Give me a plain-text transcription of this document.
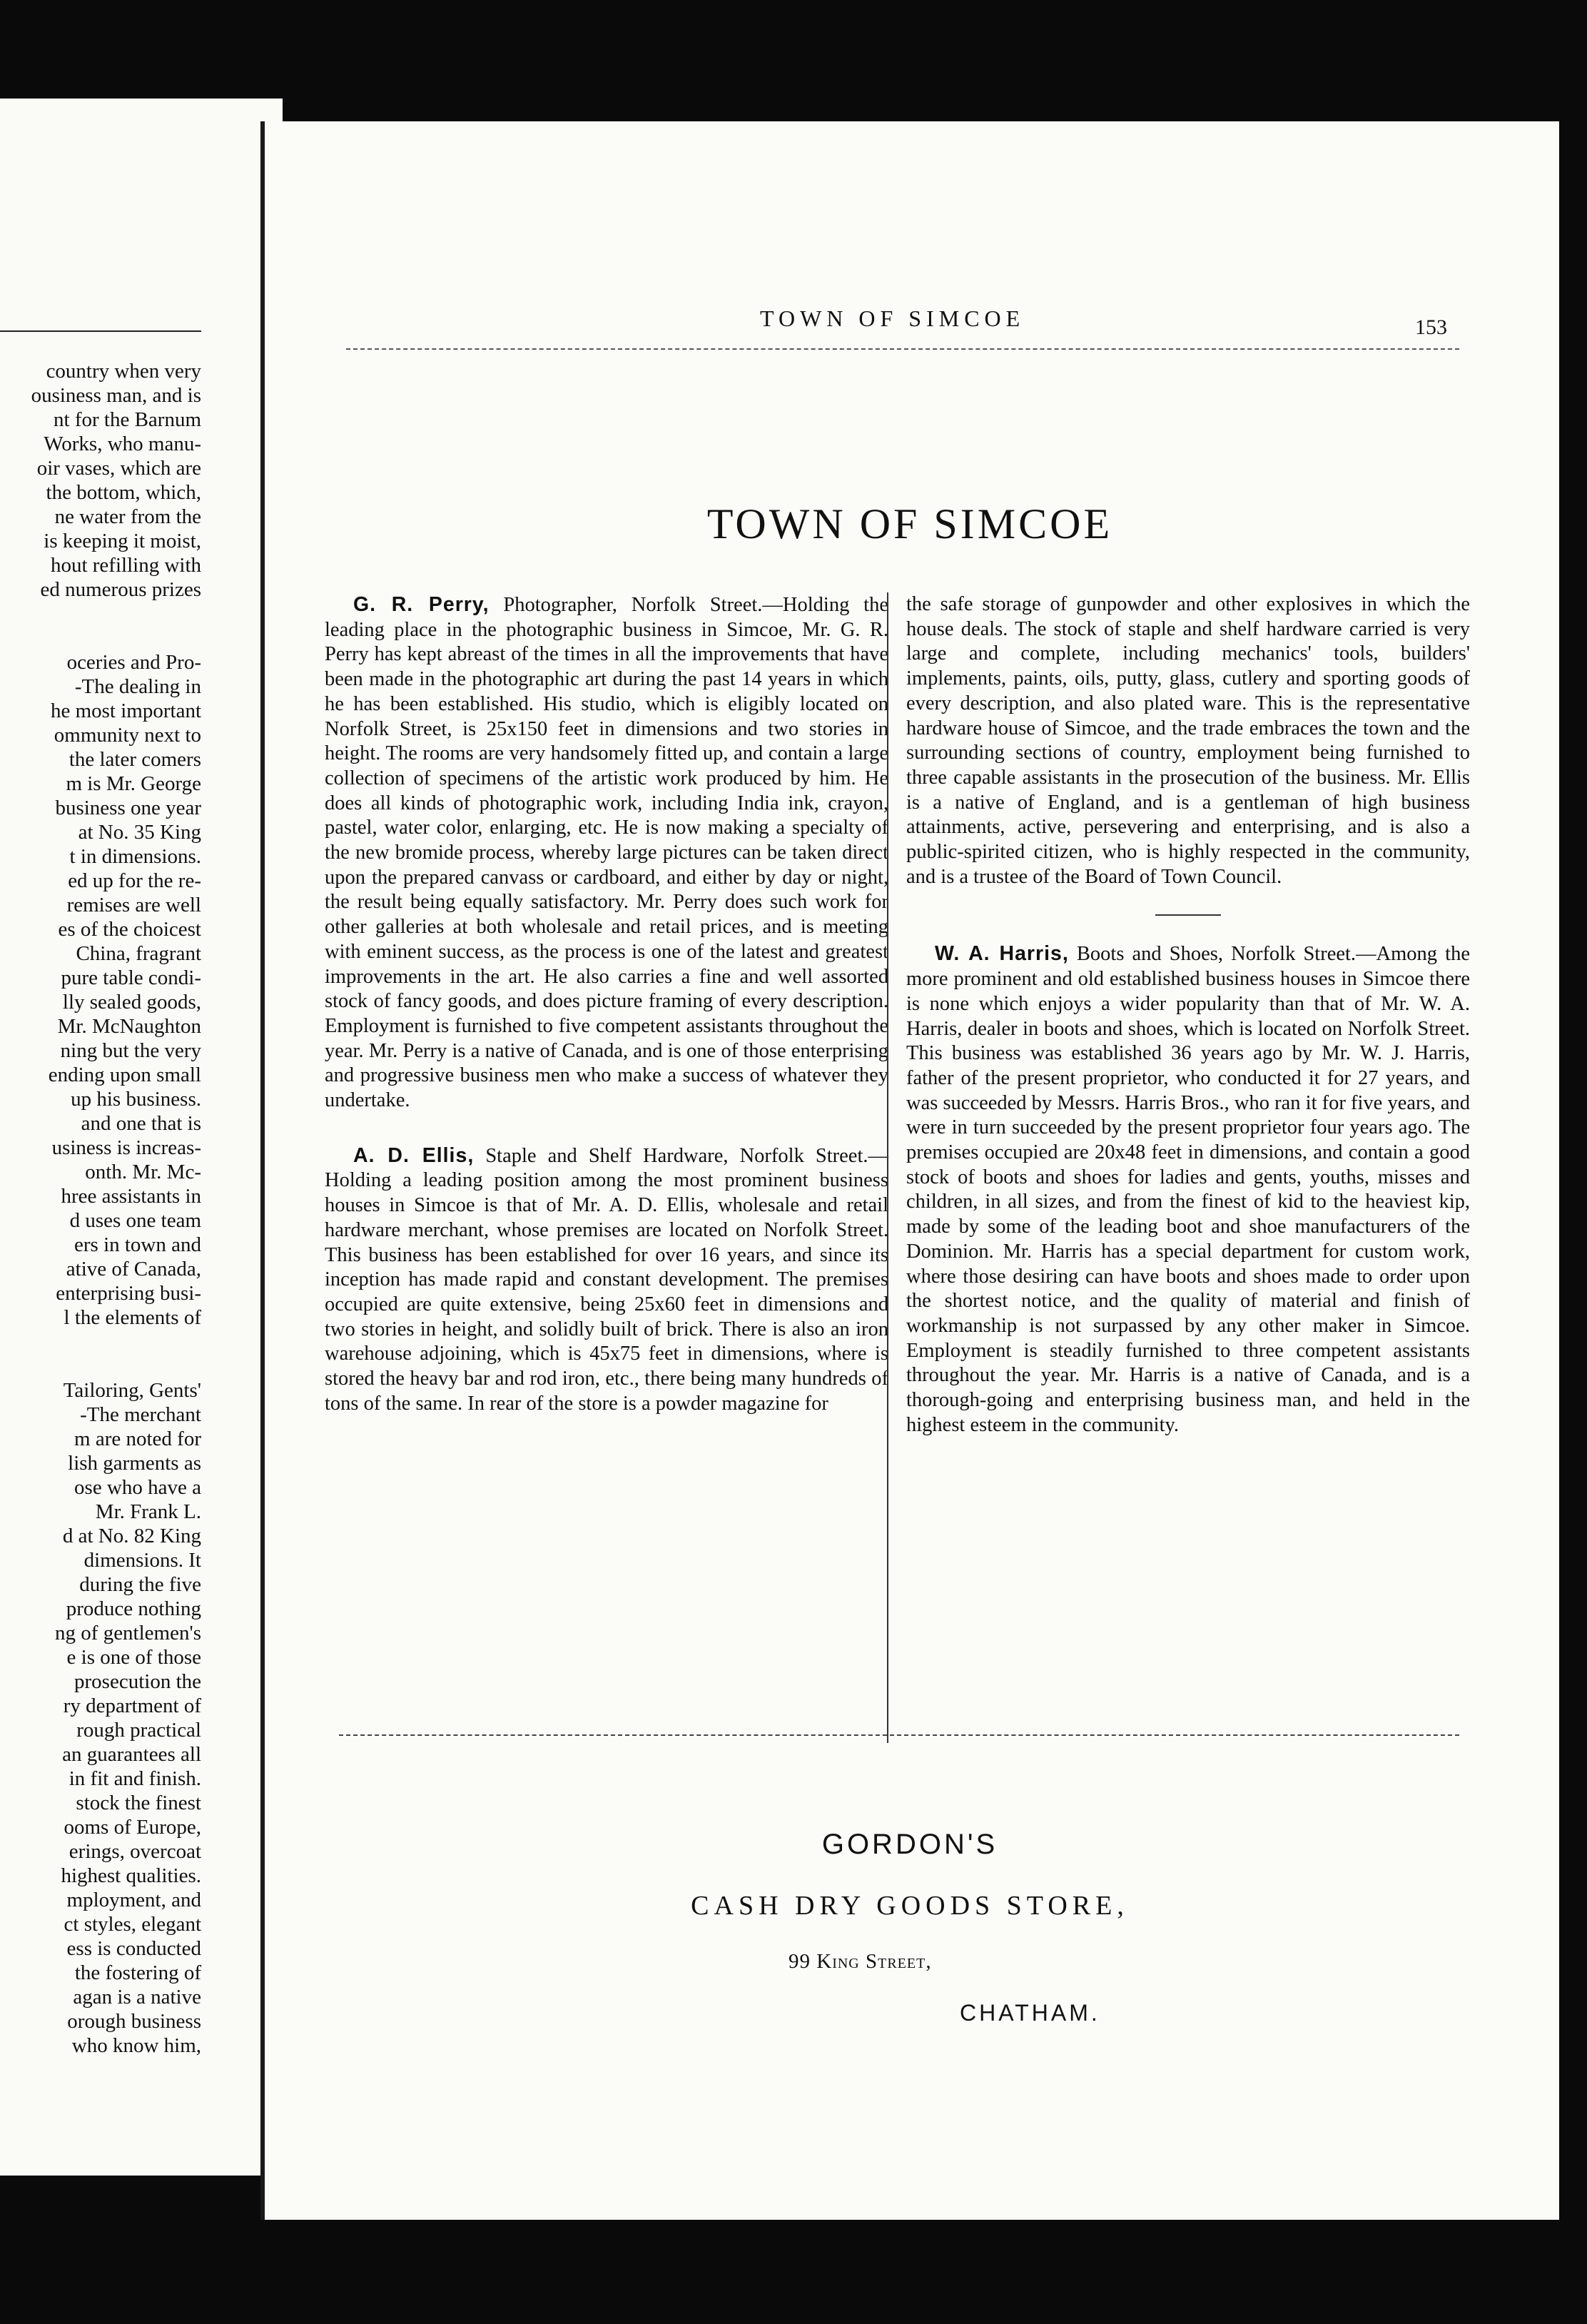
country when very

ousiness man, and is

nt for the Barnum

Works, who manu-

oir vases, which are

the bottom, which,

ne water from the

is keeping it moist,

hout refilling with

ed numerous prizes

oceries and Pro-

-The dealing in

he most important

ommunity next to

the later comers

m is Mr. George

business one year

at No. 35 King

t in dimensions.

ed up for the re-

remises are well

es of the choicest

China, fragrant

pure table condi-

lly sealed goods,

Mr. McNaughton

ning but the very

ending upon small

up his business.

and one that is

usiness is increas-

onth. Mr. Mc-

hree assistants in

d uses one team

ers in town and

ative of Canada,

enterprising busi-

l the elements of

Tailoring, Gents'

-The merchant

m are noted for

lish garments as

ose who have a

Mr. Frank L.

d at No. 82 King

dimensions. It

during the five

produce nothing

ng of gentlemen's

e is one of those

prosecution the

ry department of

rough practical

an guarantees all

in fit and finish.

stock the finest

ooms of Europe,

erings, overcoat

highest qualities.

mployment, and

ct styles, elegant

ess is conducted

the fostering of

agan is a native

orough business

who know him,

TOWN OF SIMCOE	153

TOWN OF SIMCOE

G. R. Perry, Photographer, Norfolk Street.—Holding the leading place in the photographic business in Simcoe, Mr. G. R. Perry has kept abreast of the times in all the improvements that have been made in the photographic art during the past 14 years in which he has been established. His studio, which is eligibly located on Norfolk Street, is 25x150 feet in dimensions and two stories in height. The rooms are very handsomely fitted up, and contain a large collection of specimens of the artistic work produced by him. He does all kinds of photographic work, including India ink, crayon, pastel, water color, enlarging, etc. He is now making a specialty of the new bromide process, whereby large pictures can be taken direct upon the prepared canvass or cardboard, and either by day or night, the result being equally satisfactory. Mr. Perry does such work for other galleries at both wholesale and retail prices, and is meeting with eminent success, as the process is one of the latest and greatest improvements in the art. He also carries a fine and well assorted stock of fancy goods, and does picture framing of every description. Employment is furnished to five competent assistants throughout the year. Mr. Perry is a native of Canada, and is one of those enterprising and progressive business men who make a success of whatever they undertake.

A. D. Ellis, Staple and Shelf Hardware, Norfolk Street.—Holding a leading position among the most prominent business houses in Simcoe is that of Mr. A. D. Ellis, wholesale and retail hardware merchant, whose premises are located on Norfolk Street. This business has been established for over 16 years, and since its inception has made rapid and constant development. The premises occupied are quite extensive, being 25x60 feet in dimensions and two stories in height, and solidly built of brick. There is also an iron warehouse adjoining, which is 45x75 feet in dimensions, where is stored the heavy bar and rod iron, etc., there being many hundreds of tons of the same. In rear of the store is a powder magazine for

the safe storage of gunpowder and other explosives in which the house deals. The stock of staple and shelf hardware carried is very large and complete, including mechanics' tools, builders' implements, paints, oils, putty, glass, cutlery and sporting goods of every description, and also plated ware. This is the representative hardware house of Simcoe, and the trade embraces the town and the surrounding sections of country, employment being furnished to three capable assistants in the prosecution of the business. Mr. Ellis is a native of England, and is a gentleman of high business attainments, active, persevering and enterprising, and is also a public-spirited citizen, who is highly respected in the community, and is a trustee of the Board of Town Council.

W. A. Harris, Boots and Shoes, Norfolk Street.—Among the more prominent and old established business houses in Simcoe there is none which enjoys a wider popularity than that of Mr. W. A. Harris, dealer in boots and shoes, which is located on Norfolk Street. This business was established 36 years ago by Mr. W. J. Harris, father of the present proprietor, who conducted it for 27 years, and was succeeded by Messrs. Harris Bros., who ran it for five years, and were in turn succeeded by the present proprietor four years ago. The premises occupied are 20x48 feet in dimensions, and contain a good stock of boots and shoes for ladies and gents, youths, misses and children, in all sizes, and from the finest of kid to the heaviest kip, made by some of the leading boot and shoe manufacturers of the Dominion. Mr. Harris has a special department for custom work, where those desiring can have boots and shoes made to order upon the shortest notice, and the quality of material and finish of workmanship is not surpassed by any other maker in Simcoe. Employment is steadily furnished to three competent assistants throughout the year. Mr. Harris is a native of Canada, and is a thorough-going and enterprising business man, and held in the highest esteem in the community.

GORDON'S

CASH DRY GOODS STORE,

99 King Street,

CHATHAM.
